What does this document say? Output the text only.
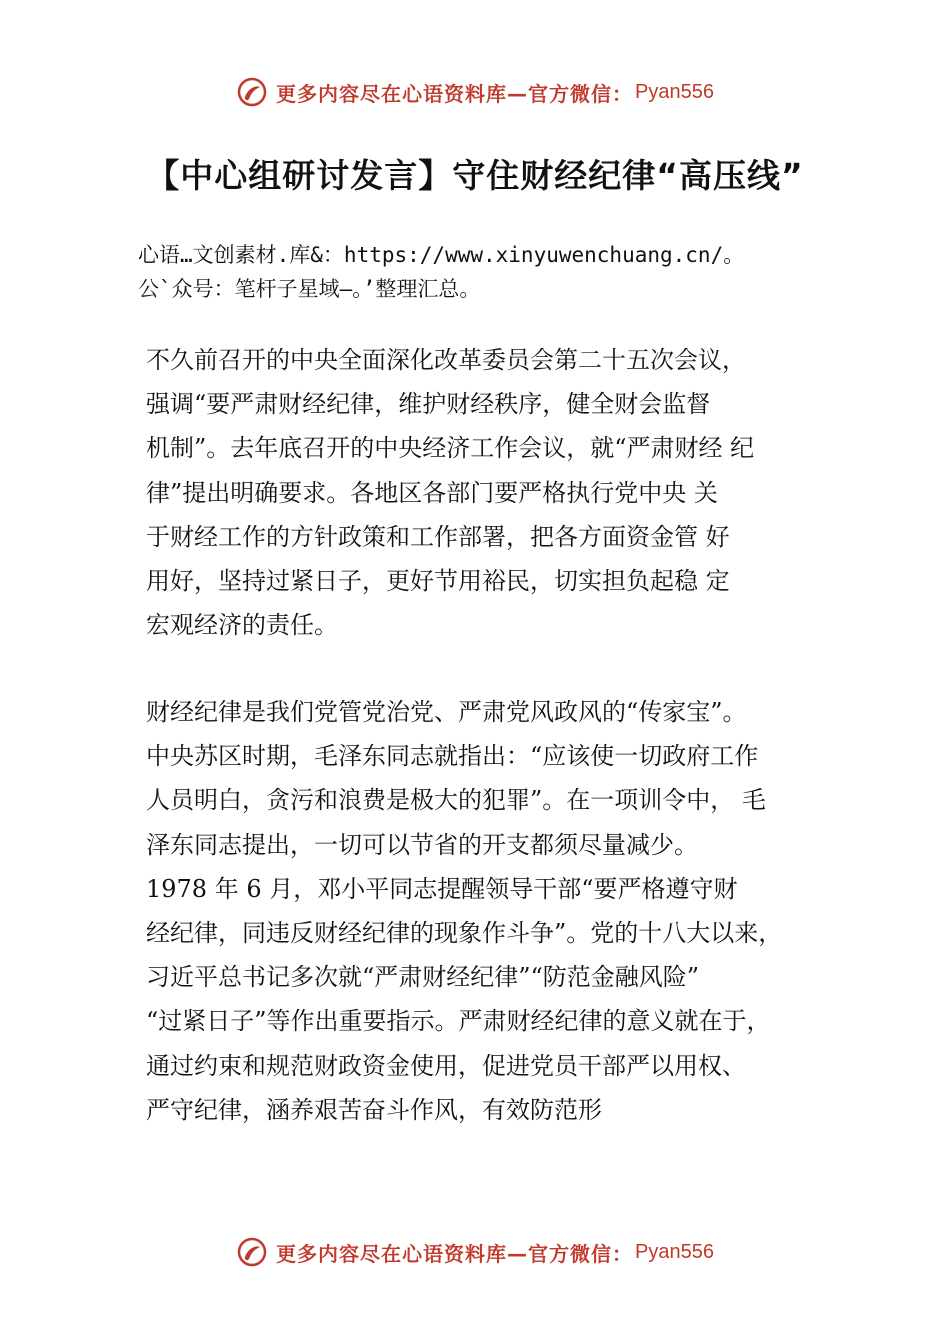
更多内容尽在心语资料库—官方微信： Pyan556
【中心组研讨发言】守住财经纪律“高压线”
心语…文创素材.库&：https://www.xinyuwenchuang.cn/。
公`众号：笔杆子星域—。’整理汇总。
不久前召开的中央全面深化改革委员会第二十五次会议，
强调“要严肃财经纪律，维护财经秩序，健全财会监督
机制”。去年底召开的中央经济工作会议，就“严肃财经 纪
律”提出明确要求。各地区各部门要严格执行党中央 关
于财经工作的方针政策和工作部署，把各方面资金管 好
用好，坚持过紧日子，更好节用裕民，切实担负起稳 定
宏观经济的责任。
财经纪律是我们党管党治党、严肃党风政风的“传家宝”。
中央苏区时期，毛泽东同志就指出：“应该使一切政府工作
人员明白，贪污和浪费是极大的犯罪”。在一项训令中， 毛
泽东同志提出，一切可以节省的开支都须尽量减少。
1978 年 6 月，邓小平同志提醒领导干部“要严格遵守财
经纪律，同违反财经纪律的现象作斗争”。党的十八大以来，
习近平总书记多次就“严肃财经纪律”“防范金融风险”
“过紧日子”等作出重要指示。严肃财经纪律的意义就在于，
通过约束和规范财政资金使用，促进党员干部严以用权、
严守纪律，涵养艰苦奋斗作风，有效防范形
更多内容尽在心语资料库—官方微信： Pyan556
